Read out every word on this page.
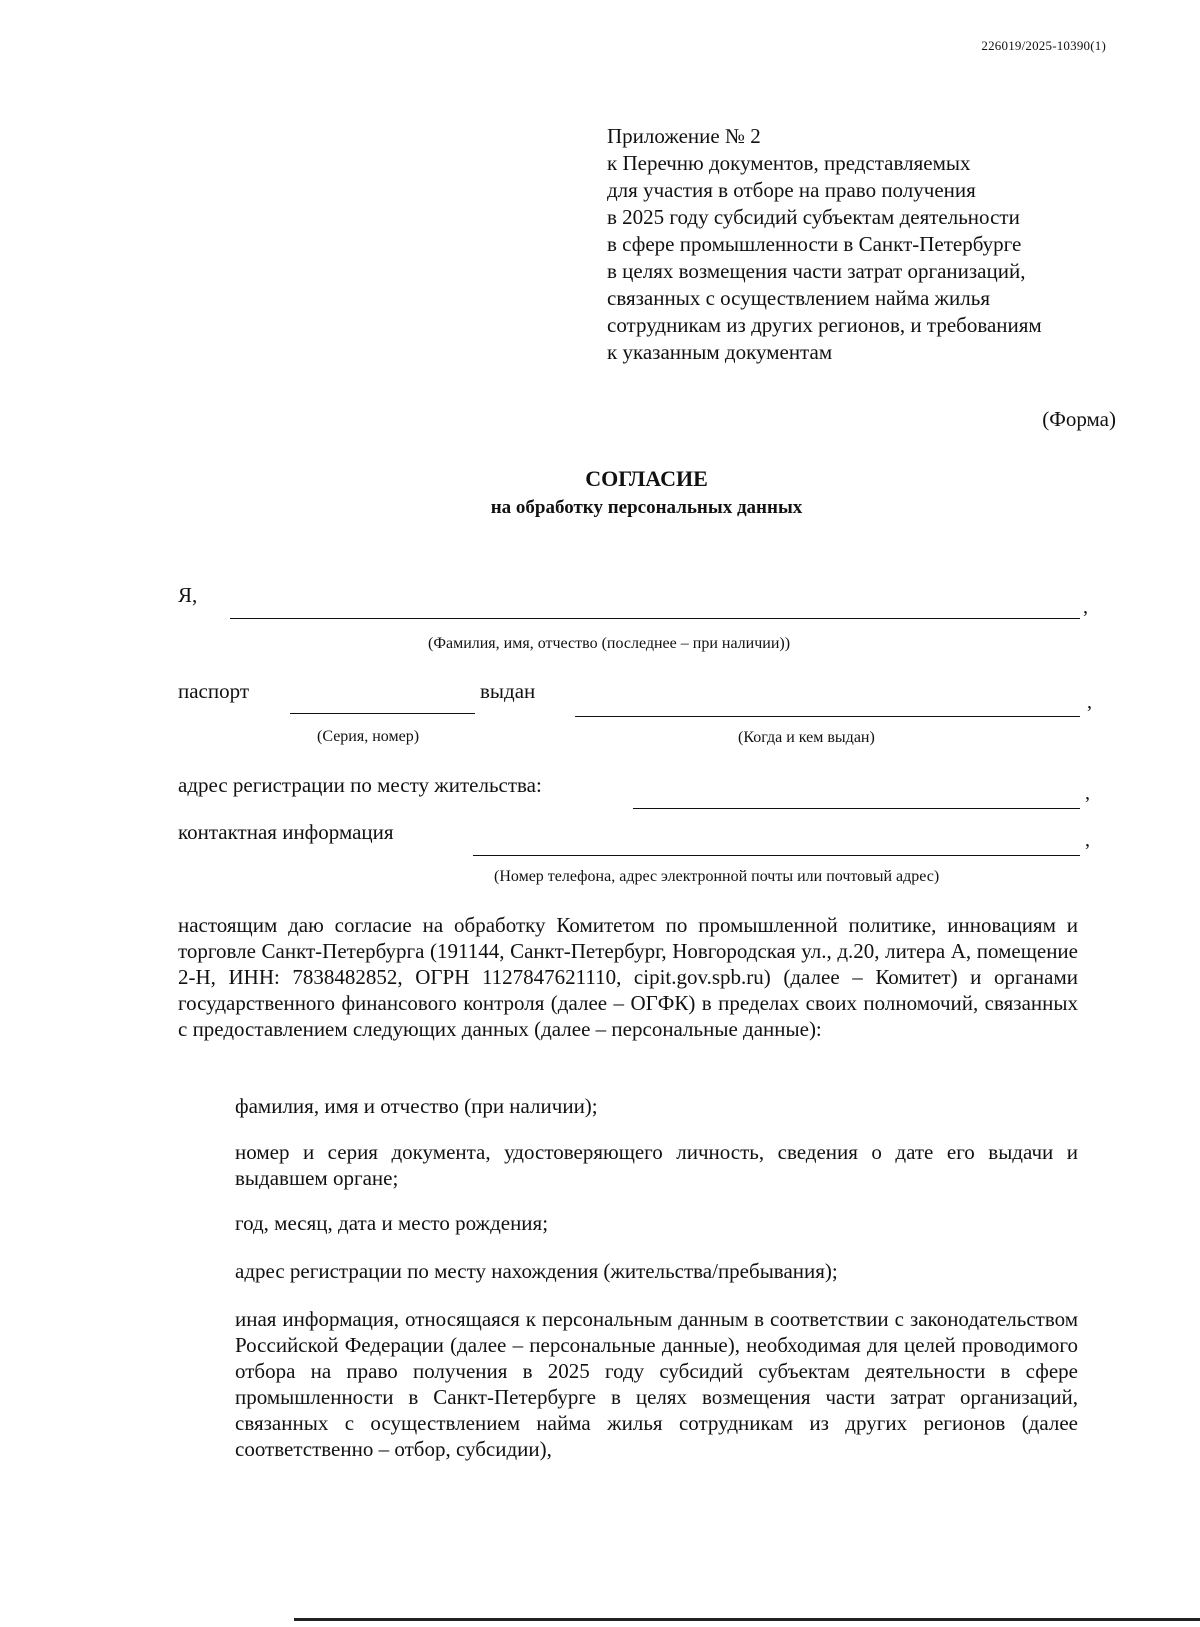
226019/2025-10390(1)
Приложение № 2
к Перечню документов, представляемых
для участия в отборе на право получения
в 2025 году субсидий субъектам деятельности
в сфере промышленности в Санкт-Петербурге
в целях возмещения части затрат организаций,
связанных с осуществлением найма жилья
сотрудникам из других регионов, и требованиям
к указанным документам
(Форма)
СОГЛАСИЕ
на обработку персональных данных
Я,	,
(Фамилия, имя, отчество (последнее – при наличии))
паспорт	выдан	,
(Серия, номер)	(Когда и кем выдан)
адрес регистрации по месту жительства:	,
контактная информация	,
(Номер телефона, адрес электронной почты или почтовый адрес)
настоящим даю согласие на обработку Комитетом по промышленной политике, инновациям и торговле Санкт-Петербурга (191144, Санкт-Петербург, Новгородская ул., д.20, литера А, помещение 2-Н, ИНН: 7838482852, ОГРН 1127847621110, cipit.gov.spb.ru) (далее – Комитет) и органами государственного финансового контроля (далее – ОГФК) в пределах своих полномочий, связанных с предоставлением следующих данных (далее – персональные данные):
фамилия, имя и отчество (при наличии);
номер и серия документа, удостоверяющего личность, сведения о дате его выдачи и выдавшем органе;
год, месяц, дата и место рождения;
адрес регистрации по месту нахождения (жительства/пребывания);
иная информация, относящаяся к персональным данным в соответствии с законодательством Российской Федерации (далее – персональные данные), необходимая для целей проводимого отбора на право получения в 2025 году субсидий субъектам деятельности в сфере промышленности в Санкт-Петербурге в целях возмещения части затрат организаций, связанных с осуществлением найма жилья сотрудникам из других регионов (далее соответственно – отбор, субсидии),
